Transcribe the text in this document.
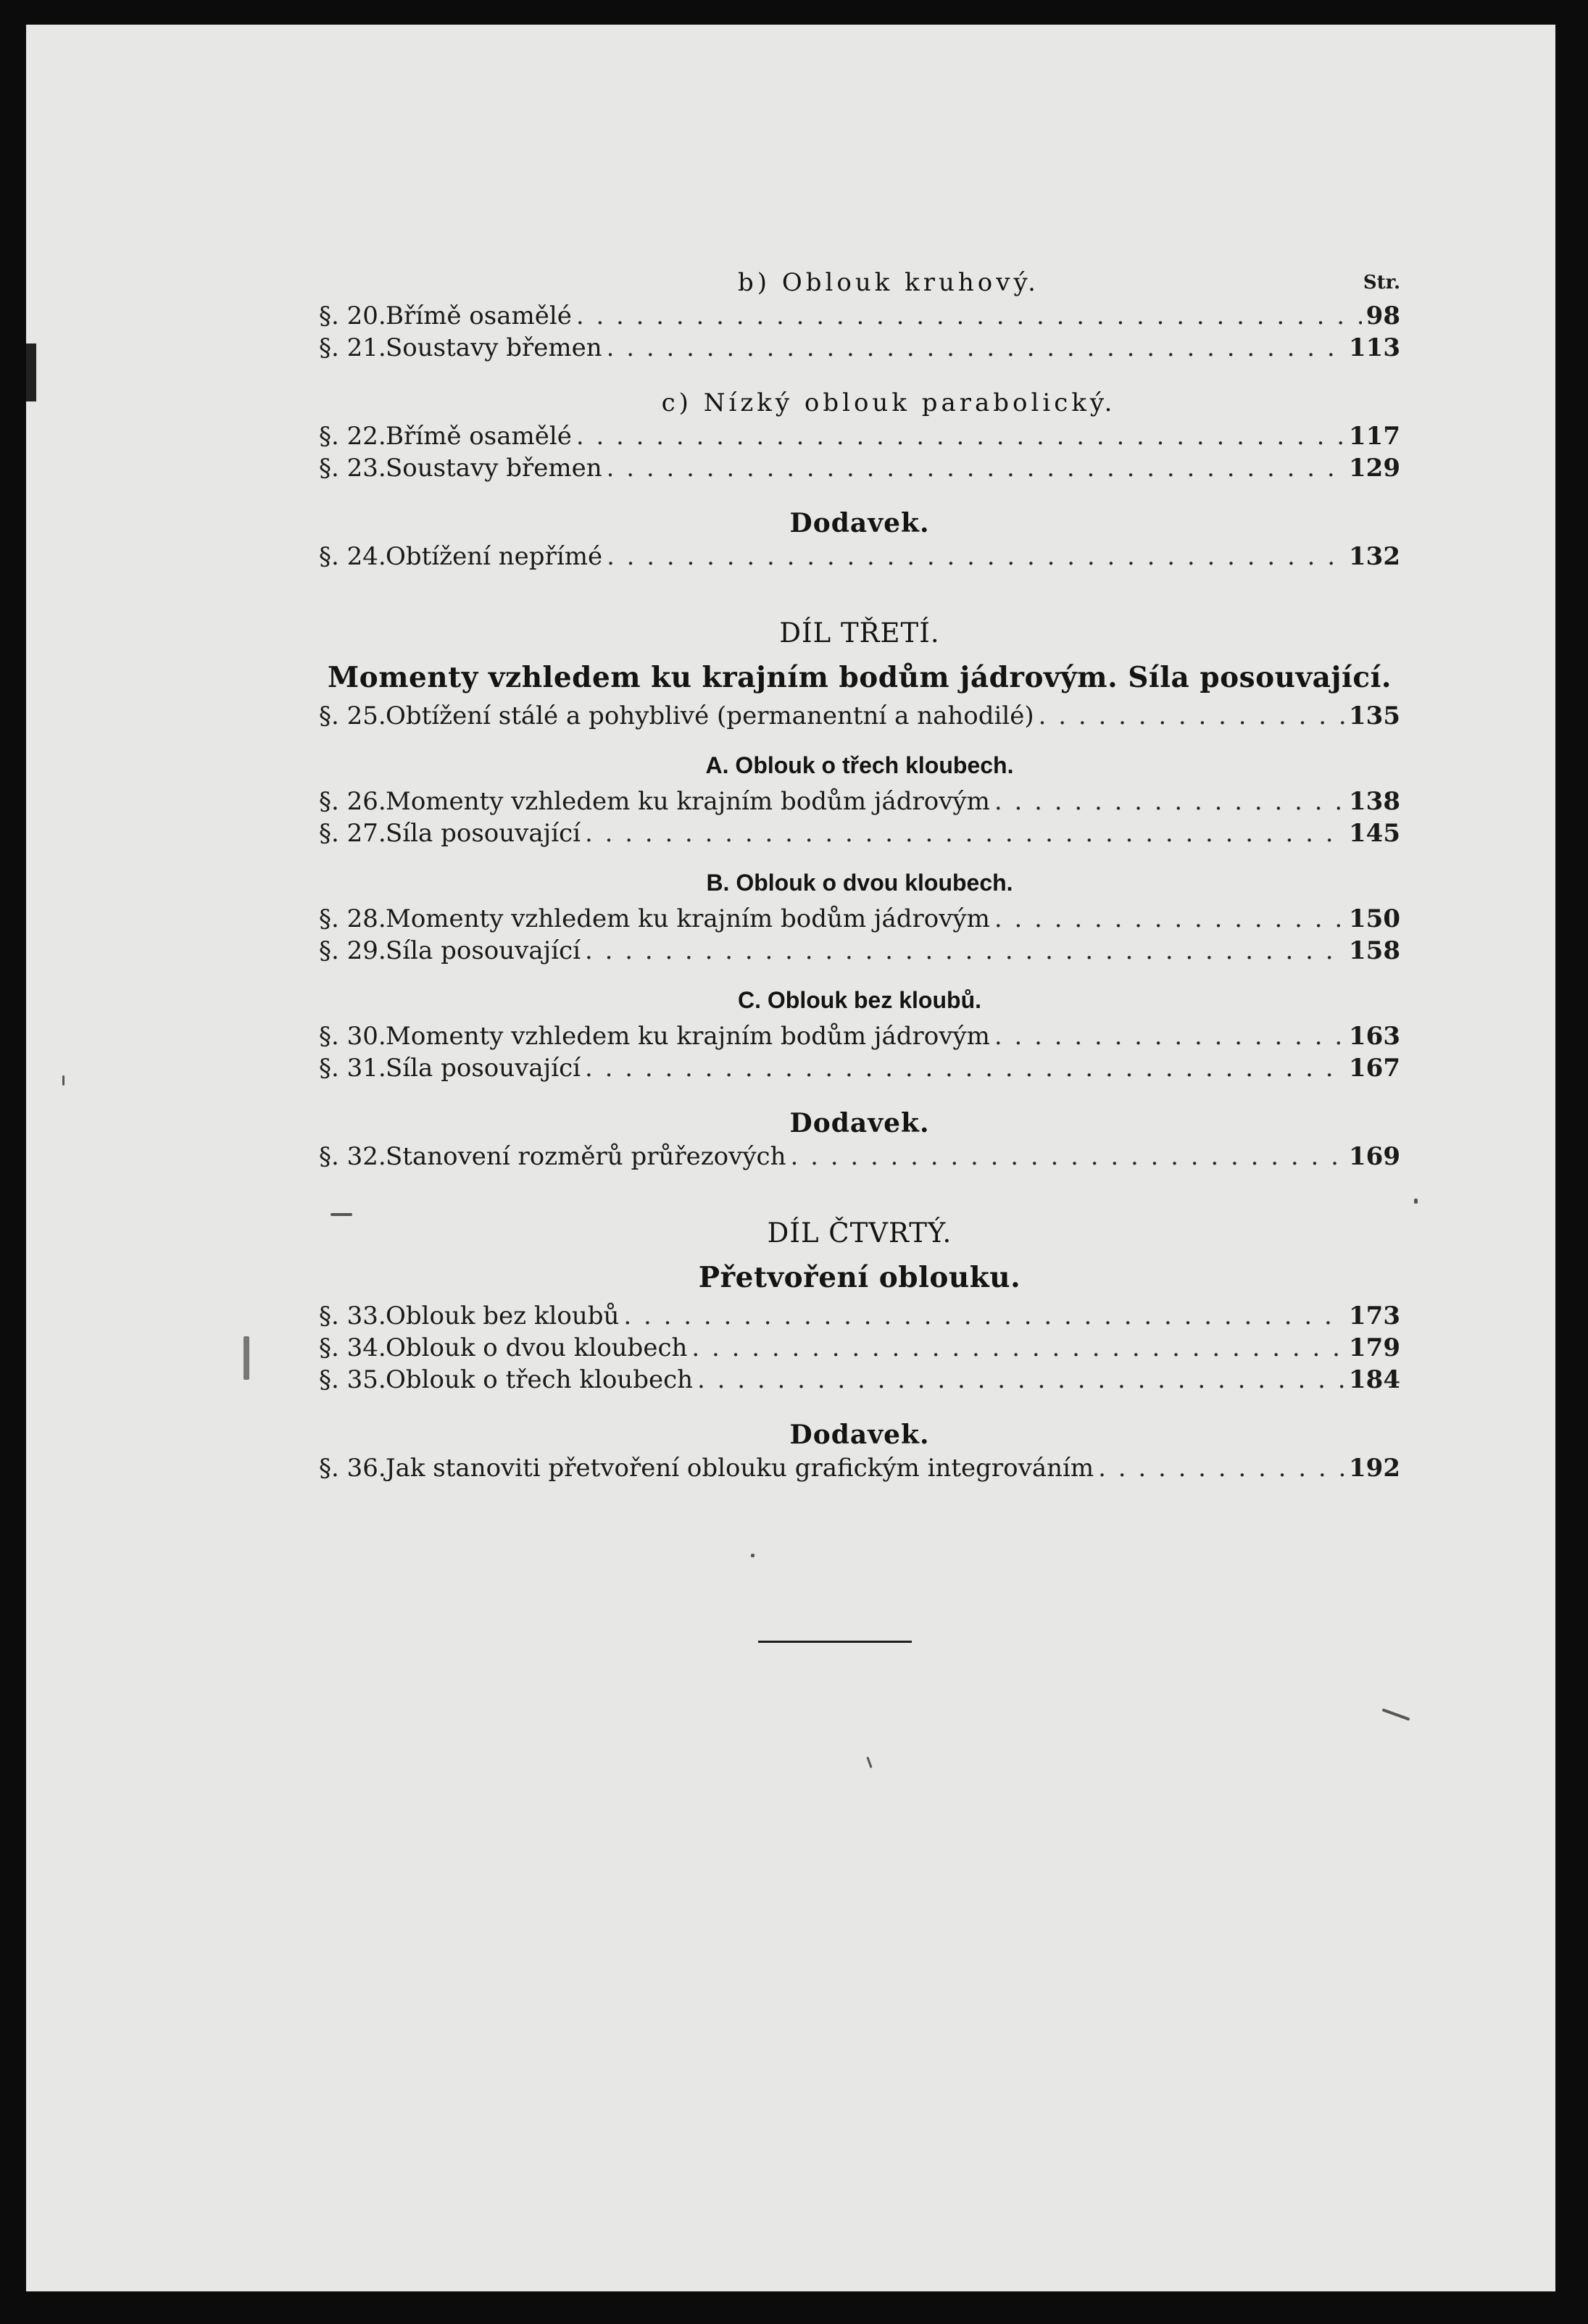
b) Oblouk kruhový.	Str.
§. 20. Břímě osamělé . . .	98
§. 21. Soustavy břemen . . .	113

c) Nízký oblouk parabolický.

§. 22. Břímě osamělé . . .	117
§. 23. Soustavy břemen . . .	129

Dodavek.

§. 24. Obtížení nepřímé . . .	132

DÍL TŘETÍ.

Momenty vzhledem ku krajním bodům jádrovým. Síla posouvající.

§. 25. Obtížení stálé a pohyblivé (permanentní a nahodilé) . . .	135

A. Oblouk o třech kloubech.

§. 26. Momenty vzhledem ku krajním bodům jádrovým . . .	138
§. 27. Síla posouvající . . .	145

B. Oblouk o dvou kloubech.

§. 28. Momenty vzhledem ku krajním bodům jádrovým . . .	150
§. 29. Síla posouvající . . .	158

C. Oblouk bez kloubů.

§. 30. Momenty vzhledem ku krajním bodům jádrovým . . .	163
§. 31. Síla posouvající . . .	167

Dodavek.

§. 32. Stanovení rozměrů průřezových . . .	169

DÍL ČTVRTÝ.

Přetvoření oblouku.

§. 33. Oblouk bez kloubů . . .	173
§. 34. Oblouk o dvou kloubech . . .	179
§. 35. Oblouk o třech kloubech . . .	184

Dodavek.

§. 36. Jak stanoviti přetvoření oblouku grafickým integrováním . . .	192
